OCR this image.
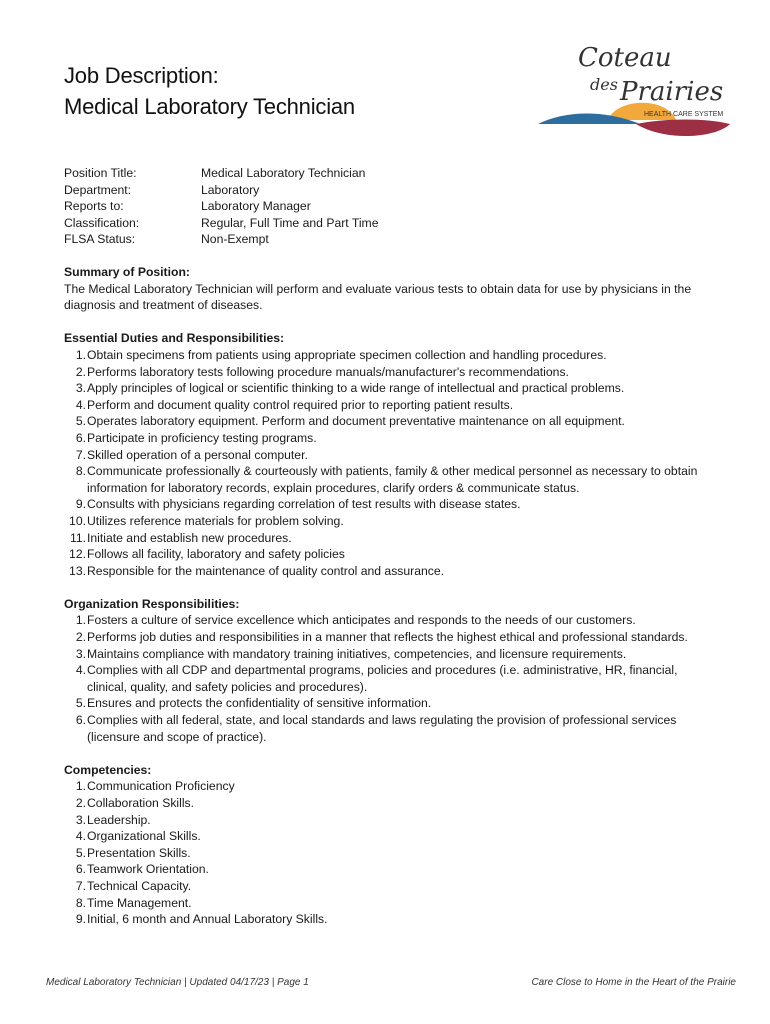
Job Description:
Medical Laboratory Technician
Coteau
des Prairies
HEALTH CARE SYSTEM
Position Title:	Medical Laboratory Technician
Department:	Laboratory
Reports to:	Laboratory Manager
Classification:	Regular, Full Time and Part Time
FLSA Status:	Non-Exempt
Summary of Position:
The Medical Laboratory Technician will perform and evaluate various tests to obtain data for use by physicians in the diagnosis and treatment of diseases.
Essential Duties and Responsibilities:
1. Obtain specimens from patients using appropriate specimen collection and handling procedures.
2. Performs laboratory tests following procedure manuals/manufacturer's recommendations.
3. Apply principles of logical or scientific thinking to a wide range of intellectual and practical problems.
4. Perform and document quality control required prior to reporting patient results.
5. Operates laboratory equipment. Perform and document preventative maintenance on all equipment.
6. Participate in proficiency testing programs.
7. Skilled operation of a personal computer.
8. Communicate professionally & courteously with patients, family & other medical personnel as necessary to obtain information for laboratory records, explain procedures, clarify orders & communicate status.
9. Consults with physicians regarding correlation of test results with disease states.
10. Utilizes reference materials for problem solving.
11. Initiate and establish new procedures.
12. Follows all facility, laboratory and safety policies
13. Responsible for the maintenance of quality control and assurance.
Organization Responsibilities:
1. Fosters a culture of service excellence which anticipates and responds to the needs of our customers.
2. Performs job duties and responsibilities in a manner that reflects the highest ethical and professional standards.
3. Maintains compliance with mandatory training initiatives, competencies, and licensure requirements.
4. Complies with all CDP and departmental programs, policies and procedures (i.e. administrative, HR, financial, clinical, quality, and safety policies and procedures).
5. Ensures and protects the confidentiality of sensitive information.
6. Complies with all federal, state, and local standards and laws regulating the provision of professional services (licensure and scope of practice).
Competencies:
1. Communication Proficiency
2. Collaboration Skills.
3. Leadership.
4. Organizational Skills.
5. Presentation Skills.
6. Teamwork Orientation.
7. Technical Capacity.
8. Time Management.
9. Initial, 6 month and Annual Laboratory Skills.
Medical Laboratory Technician | Updated 04/17/23 | Page 1	Care Close to Home in the Heart of the Prairie
